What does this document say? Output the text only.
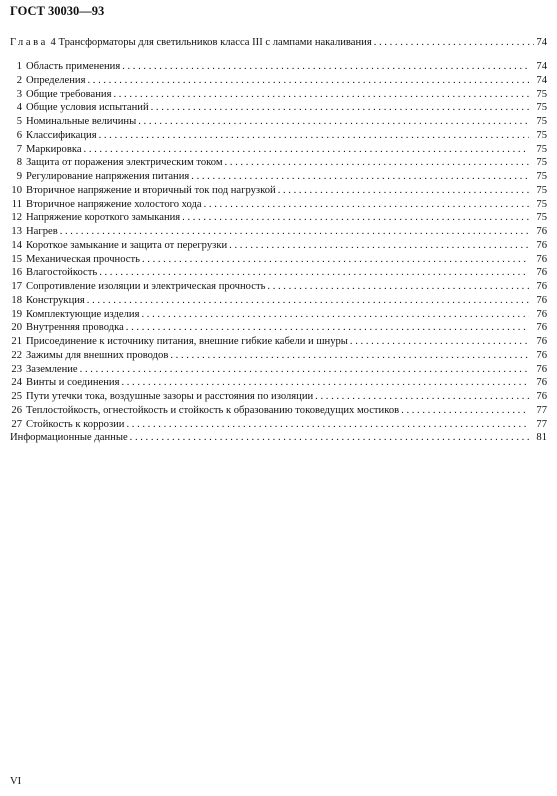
ГОСТ 30030—93
Глава 4 Трансформаторы для светильников класса III с лампами накаливания . . .	74
1 Область применения . . .	74
2 Определения . . .	74
3 Общие требования . . .	75
4 Общие условия испытаний . . .	75
5 Номинальные величины . . .	75
6 Классификация . . .	75
7 Маркировка . . .	75
8 Защита от поражения электрическим током . . .	75
9 Регулирование напряжения питания . . .	75
10 Вторичное напряжение и вторичный ток под нагрузкой . . .	75
11 Вторичное напряжение холостого хода . . .	75
12 Напряжение короткого замыкания . . .	75
13 Нагрев . . .	76
14 Короткое замыкание и защита от перегрузки . . .	76
15 Механическая прочность . . .	76
16 Влагостойкость . . .	76
17 Сопротивление изоляции и электрическая прочность . . .	76
18 Конструкция . . .	76
19 Комплектующие изделия . . .	76
20 Внутренняя проводка . . .	76
21 Присоединение к источнику питания, внешние гибкие кабели и шнуры . . .	76
22 Зажимы для внешних проводов . . .	76
23 Заземление . . .	76
24 Винты и соединения . . .	76
25 Пути утечки тока, воздушные зазоры и расстояния по изоляции . . .	76
26 Теплостойкость, огнестойкость и стойкость к образованию токоведущих мостиков . . .	77
27 Стойкость к коррозии . . .	77
Информационные данные . . .	81
VI
